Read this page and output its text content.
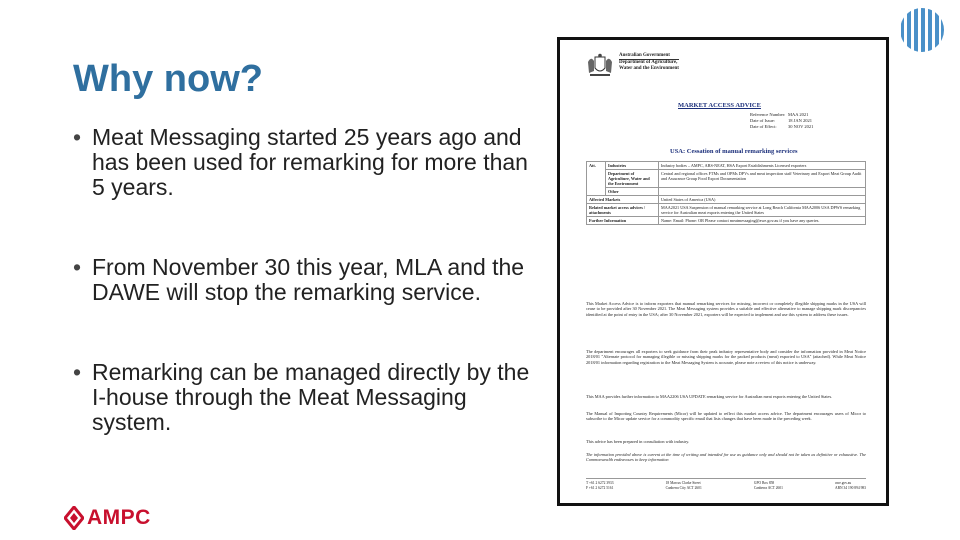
Why now?
• Meat Messaging started 25 years ago and has been used for remarking for more than 5 years.
• From November 30 this year, MLA and the DAWE will stop the remarking service.
• Remarking can be managed directly by the I-house through the Meat Messaging system.
AMPC
Australian Government
Department of Agriculture,
Water and the Environment
MARKET ACCESS ADVICE
Reference Number: MAA 2021
Date of Issue:	18 JAN 2021
Date of Effect:	30 NOV 2021
USA: Cessation of manual remarking services
Att.	Industries	Industry bodies – AMPC, ABS-NEAT, HSA Export Establishments Licensed exporters
	Department of Agriculture, Water and the Environment	Central and regional offices FTMs and OPMs DPVs and meat inspection staff Veterinary and Export Meat Group Audit and Assurance Group Food Export Documentation
	Other	
Affected Markets		United States of America (USA)
Related market access advices / attachments		MAA2021 USA Suspension of manual remarking service at Long Beach California MAA2006 USA DPWS remarking service for Australian meat exports entering the United States
Further Information		Name: Email: Phone: OR Please contact meatmessaging@awe.gov.au if you have any queries.

This Market Access Advice is to inform exporters that manual remarking services for missing, incorrect or completely illegible shipping marks in the USA will cease to be provided after 30 November 2021. The Meat Messaging system provides a suitable and effective alternative to manage shipping mark discrepancies identified at the point of entry in the USA; after 30 November 2021, exporters will be expected to implement and use this system to address these issues.

The department encourages all exporters to seek guidance from their peak industry representative body and consider the information provided in Meat Notice 2018/01 "Alternate protocol for managing illegible or missing shipping marks for the packed products (meat) exported to USA" (attached). While Meat Notice 2018/01 information regarding registration to the Meat Messaging System is accurate, please note a review of this notice is underway.

This MAA provides further information to MAA2206 USA UPDATE remarking service for Australian meat exports entering the United States.

The Manual of Importing Country Requirements (Micor) will be updated to reflect this market access advice. The department encourages users of Micor to subscribe to the Micor update service for a commodity specific email that lists changes that have been made in the preceding week.

This advice has been prepared in consultation with industry.

The information provided above is current at the time of writing and intended for use as guidance only and should not be taken as definitive or exhaustive. The Commonwealth endeavours to keep information

T +61 2 6272 3933
F +61 2 6272 5161
18 Marcus Clarke Street
Canberra City ACT 2601
GPO Box 858
Canberra ACT 2601
awe.gov.au
ABN 34 190 894 983
